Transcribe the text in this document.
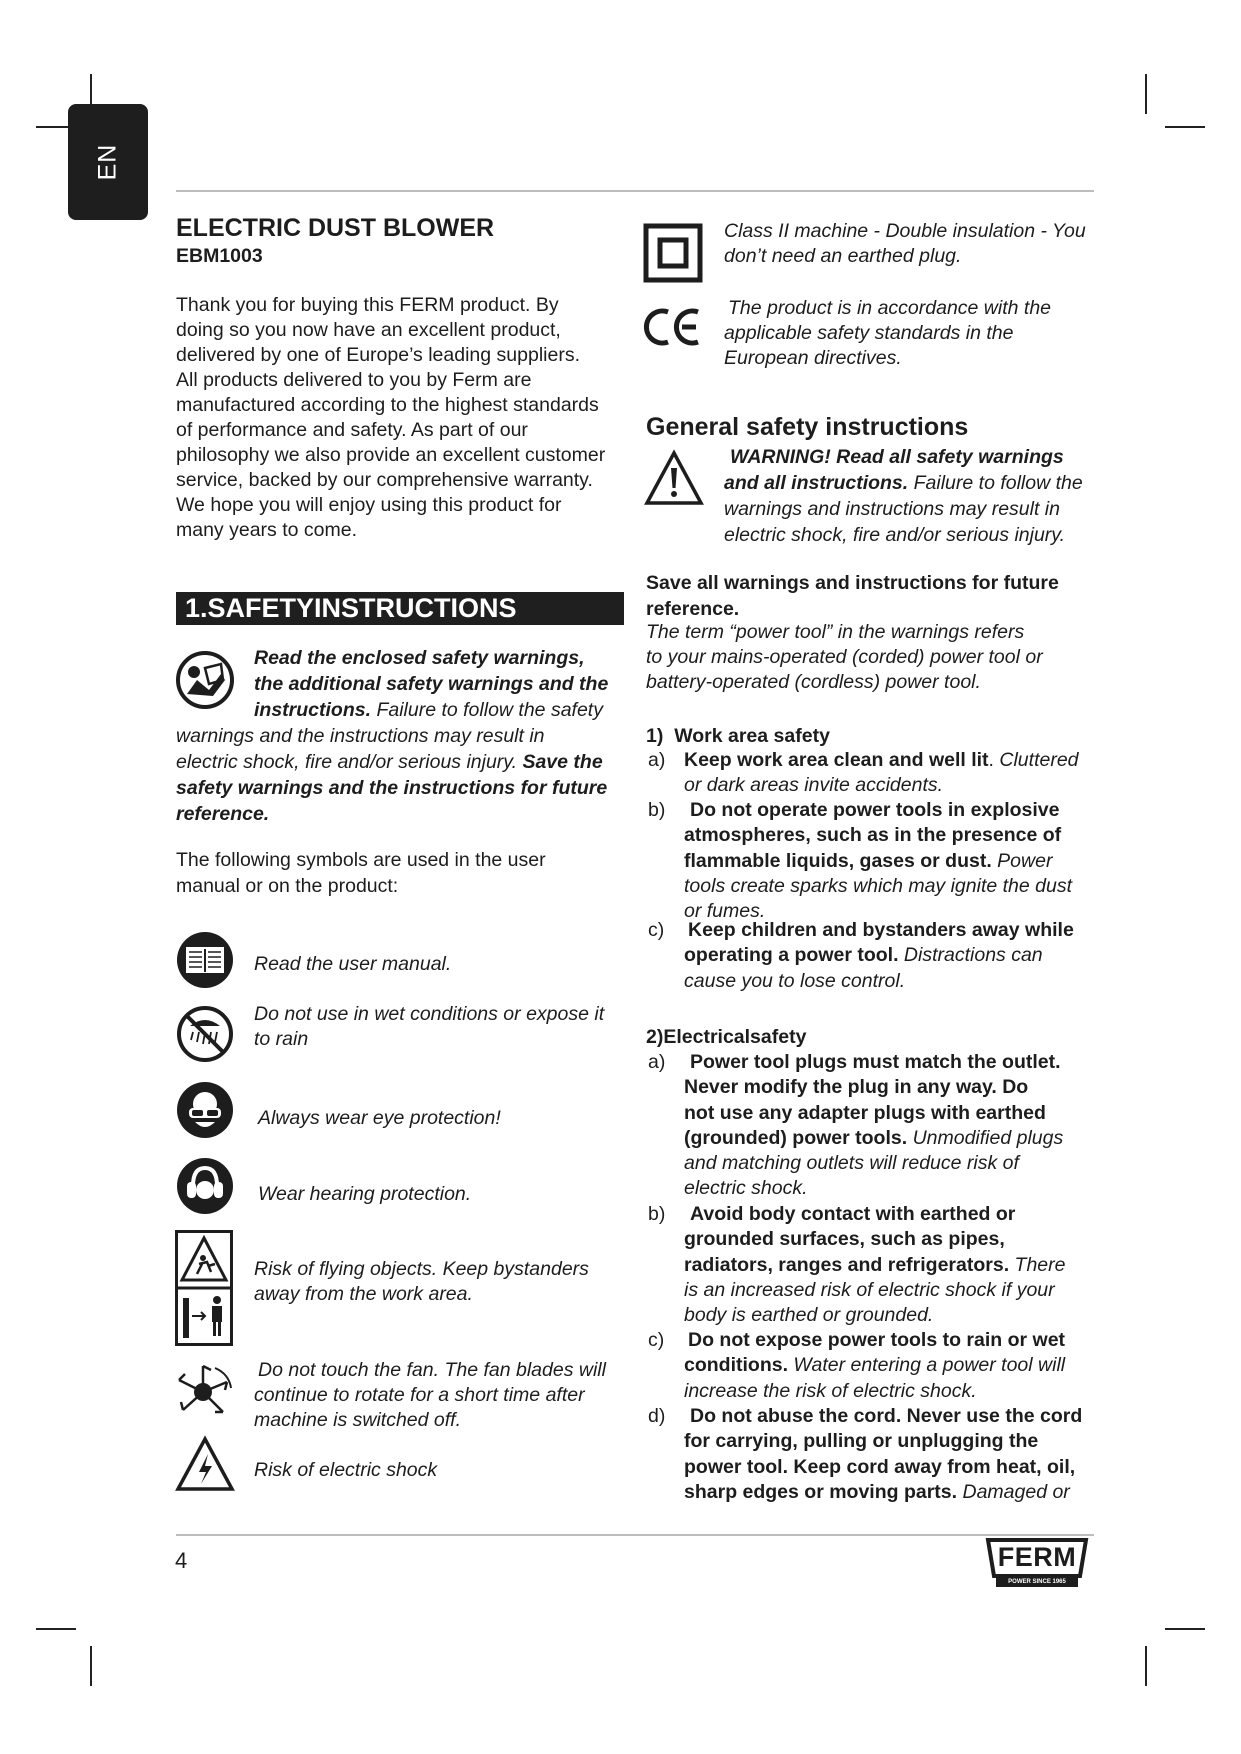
EN
ELECTRIC DUST BLOWER
EBM1003
Thank you for buying this FERM product. By
doing so you now have an excellent product,
delivered by one of Europe’s leading suppliers.
All products delivered to you by Ferm are
manufactured according to the highest standards
of performance and safety. As part of our
philosophy we also provide an excellent customer
service, backed by our comprehensive warranty.
We hope you will enjoy using this product for
many years to come.
1.SAFETYINSTRUCTIONS
Read the enclosed safety warnings,
the additional safety warnings and the
instructions. Failure to follow the safety
warnings and the instructions may result in
electric shock, fire and/or serious injury. Save the
safety warnings and the instructions for future
reference.
The following symbols are used in the user
manual or on the product:
Read the user manual.
Do not use in wet conditions or expose it
to rain
Always wear eye protection!
Wear hearing protection.
Risk of flying objects. Keep bystanders
away from the work area.
Do not touch the fan. The fan blades will
continue to rotate for a short time after
machine is switched off.
Risk of electric shock
Class II machine - Double insulation - You
don’t need an earthed plug.
The product is in accordance with the
applicable safety standards in the
European directives.
General safety instructions
WARNING! Read all safety warnings
and all instructions. Failure to follow the
warnings and instructions may result in
electric shock, fire and/or serious injury.
Save all warnings and instructions for future
reference.
The term “power tool” in the warnings refers
to your mains-operated (corded) power tool or
battery-operated (cordless) power tool.
1) Work area safety
a) Keep work area clean and well lit. Cluttered
or dark areas invite accidents.
b)	Do not operate power tools in explosive
atmospheres, such as in the presence of
flammable liquids, gases or dust. Power
tools create sparks which may ignite the dust
or fumes.
c) Keep children and bystanders away while
operating a power tool. Distractions can
cause you to lose control.
2)Electricalsafety
a)	Power tool plugs must match the outlet.
Never modify the plug in any way. Do
not use any adapter plugs with earthed
(grounded) power tools. Unmodified plugs
and matching outlets will reduce risk of
electric shock.
b)	Avoid body contact with earthed or
grounded surfaces, such as pipes,
radiators, ranges and refrigerators. There
is an increased risk of electric shock if your
body is earthed or grounded.
c) Do not expose power tools to rain or wet
conditions. Water entering a power tool will
increase the risk of electric shock.
d)	Do not abuse the cord. Never use the cord
for carrying, pulling or unplugging the
power tool. Keep cord away from heat, oil,
sharp edges or moving parts. Damaged or
4	FERM
POWER SINCE 1965
